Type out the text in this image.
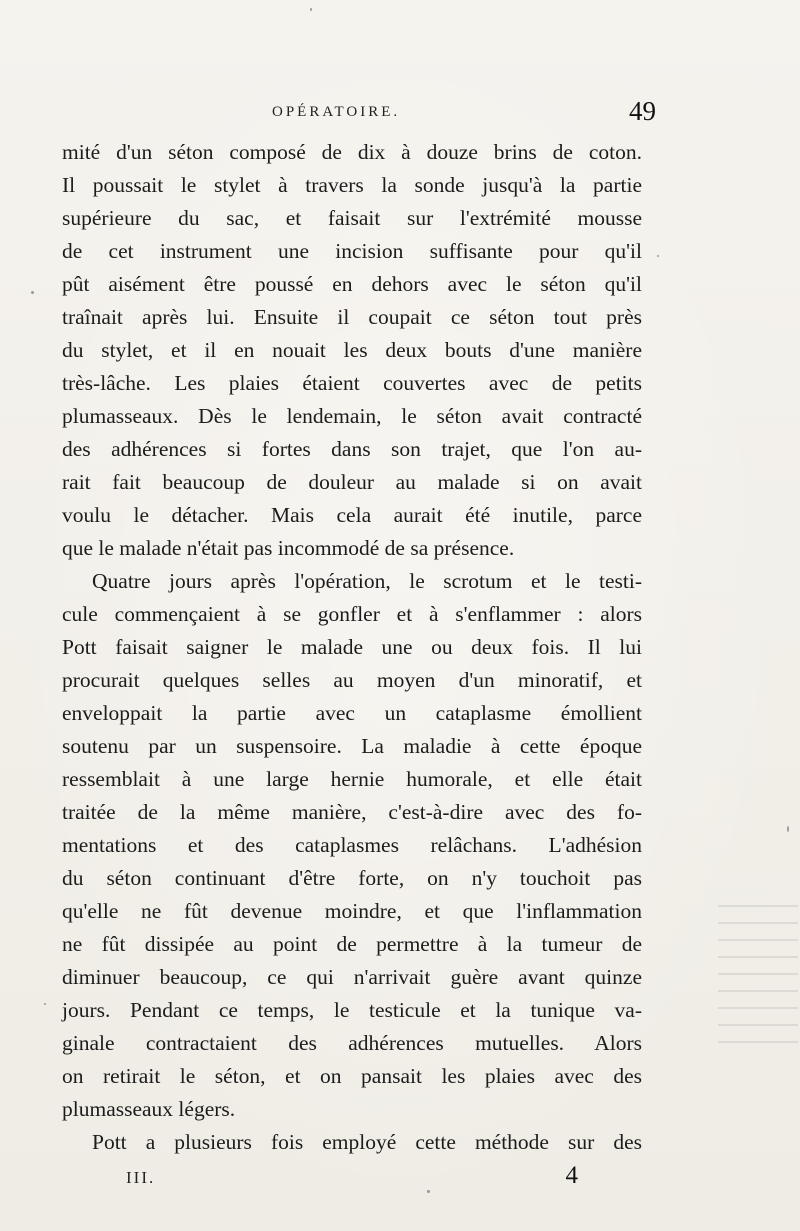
OPÉRATOIRE.	49
mité d'un séton composé de dix à douze brins de coton.
Il poussait le stylet à travers la sonde jusqu'à la partie
supérieure du sac, et faisait sur l'extrémité mousse
de cet instrument une incision suffisante pour qu'il
pût aisément être poussé en dehors avec le séton qu'il
traînait après lui. Ensuite il coupait ce séton tout près
du stylet, et il en nouait les deux bouts d'une manière
très-lâche. Les plaies étaient couvertes avec de petits
plumasseaux. Dès le lendemain, le séton avait contracté
des adhérences si fortes dans son trajet, que l'on au-
rait fait beaucoup de douleur au malade si on avait
voulu le détacher. Mais cela aurait été inutile, parce
que le malade n'était pas incommodé de sa présence.
Quatre jours après l'opération, le scrotum et le testi-
cule commençaient à se gonfler et à s'enflammer : alors
Pott faisait saigner le malade une ou deux fois. Il lui
procurait quelques selles au moyen d'un minoratif, et
enveloppait la partie avec un cataplasme émollient
soutenu par un suspensoire. La maladie à cette époque
ressemblait à une large hernie humorale, et elle était
traitée de la même manière, c'est-à-dire avec des fo-
mentations et des cataplasmes relâchans. L'adhésion
du séton continuant d'être forte, on n'y touchoit pas
qu'elle ne fût devenue moindre, et que l'inflammation
ne fût dissipée au point de permettre à la tumeur de
diminuer beaucoup, ce qui n'arrivait guère avant quinze
jours. Pendant ce temps, le testicule et la tunique va-
ginale contractaient des adhérences mutuelles. Alors
on retirait le séton, et on pansait les plaies avec des
plumasseaux légers.
Pott a plusieurs fois employé cette méthode sur des
III.	4
